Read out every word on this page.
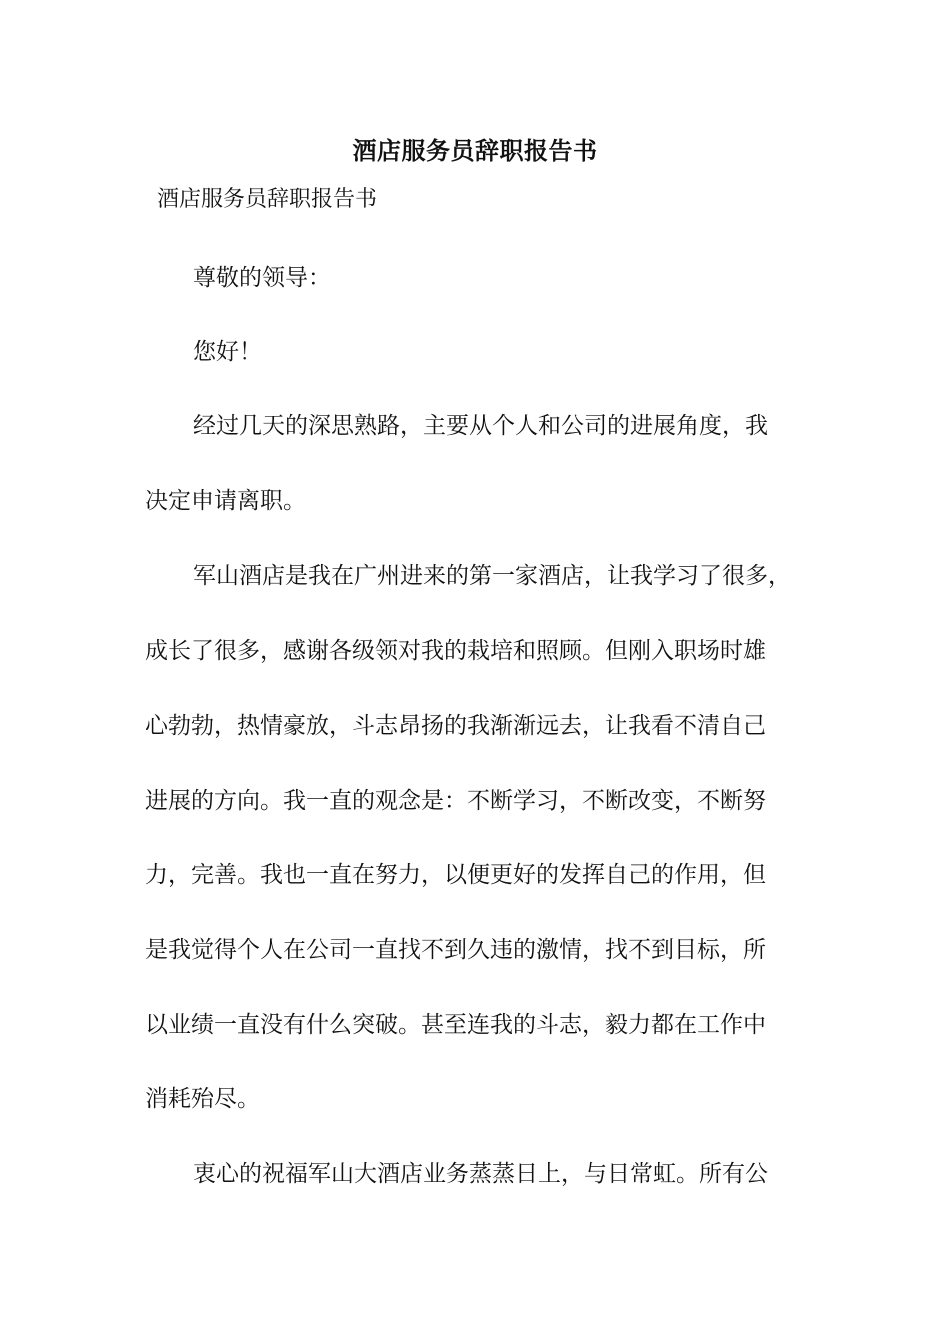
酒店服务员辞职报告书

酒店服务员辞职报告书

尊敬的领导：

您好！

经过几天的深思熟路，主要从个人和公司的进展角度，我

决定申请离职。

军山酒店是我在广州进来的第一家酒店，让我学习了很多，

成长了很多，感谢各级领对我的栽培和照顾。但刚入职场时雄

心勃勃，热情豪放，斗志昂扬的我渐渐远去，让我看不清自己

进展的方向。我一直的观念是：不断学习，不断改变，不断努

力，完善。我也一直在努力，以便更好的发挥自己的作用，但

是我觉得个人在公司一直找不到久违的激情，找不到目标，所

以业绩一直没有什么突破。甚至连我的斗志，毅力都在工作中

消耗殆尽。

衷心的祝福军山大酒店业务蒸蒸日上，与日常虹。所有公
